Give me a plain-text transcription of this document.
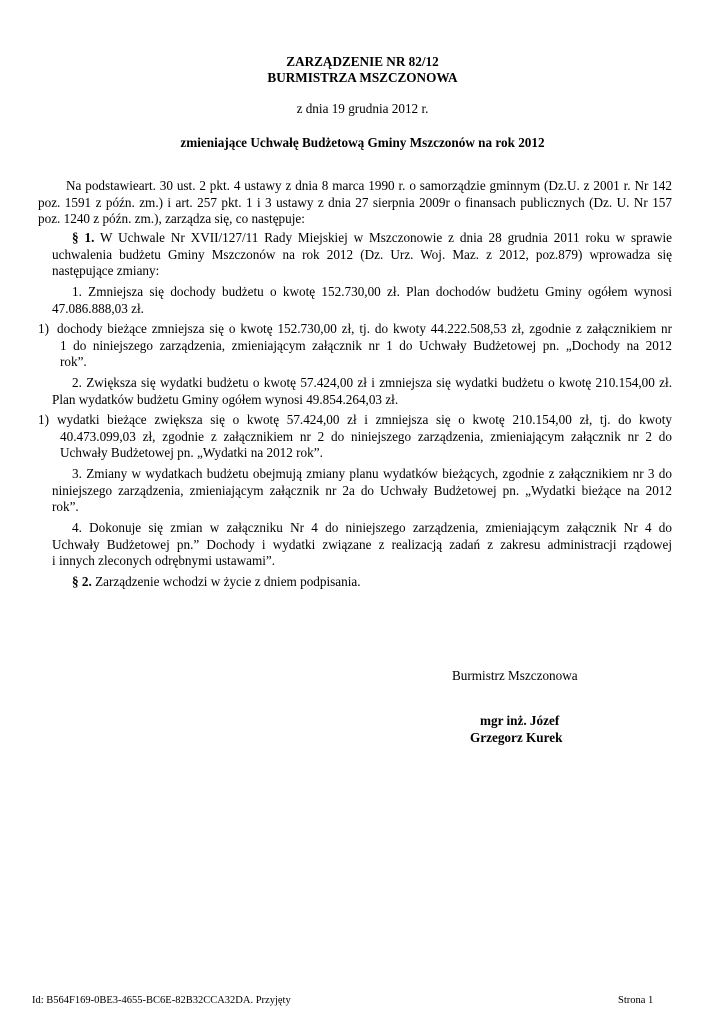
ZARZĄDZENIE NR 82/12
BURMISTRZA MSZCZONOWA
z dnia 19 grudnia 2012 r.
zmieniające Uchwałę Budżetową Gminy Mszczonów na rok 2012

Na podstawieart. 30 ust. 2 pkt. 4 ustawy z dnia 8 marca 1990 r. o samorządzie gminnym (Dz.U. z 2001 r. Nr 142

poz. 1591 z późn. zm.) i art. 257 pkt. 1 i 3 ustawy z dnia 27 sierpnia 2009r o finansach publicznych (Dz. U. Nr 157

poz. 1240 z późn. zm.), zarządza się, co następuje:

§ 1. W Uchwale Nr XVII/127/11 Rady Miejskiej w Mszczonowie z dnia 28 grudnia 2011 roku w sprawie

uchwalenia budżetu Gminy Mszczonów na rok 2012 (Dz. Urz. Woj. Maz. z 2012, poz.879) wprowadza się

następujące zmiany:

1. Zmniejsza się dochody budżetu o kwotę 152.730,00 zł. Plan dochodów budżetu Gminy ogółem wynosi

47.086.888,03 zł.

1) dochody bieżące zmniejsza się o kwotę 152.730,00 zł, tj. do kwoty 44.222.508,53 zł, zgodnie z załącznikiem nr

1 do niniejszego zarządzenia, zmieniającym załącznik nr 1 do Uchwały Budżetowej pn. „Dochody na 2012

rok”.

2. Zwiększa się wydatki budżetu o kwotę 57.424,00 zł i zmniejsza się wydatki budżetu o kwotę 210.154,00 zł.

Plan wydatków budżetu Gminy ogółem wynosi 49.854.264,03 zł.

1) wydatki bieżące zwiększa się o kwotę 57.424,00 zł i zmniejsza się o kwotę 210.154,00 zł, tj. do kwoty

40.473.099,03 zł, zgodnie z załącznikiem nr 2 do niniejszego zarządzenia, zmieniającym załącznik nr 2 do

Uchwały Budżetowej pn. „Wydatki na 2012 rok”.

3. Zmiany w wydatkach budżetu obejmują zmiany planu wydatków bieżących, zgodnie z załącznikiem nr 3 do

niniejszego zarządzenia, zmieniającym załącznik nr 2a do Uchwały Budżetowej pn. „Wydatki bieżące na 2012

rok”.

4. Dokonuje się zmian w załączniku Nr 4 do niniejszego zarządzenia, zmieniającym załącznik Nr 4 do

Uchwały Budżetowej pn.” Dochody i wydatki związane z realizacją zadań z zakresu administracji rządowej

i innych zleconych odrębnymi ustawami”.

§ 2. Zarządzenie wchodzi w życie z dniem podpisania.

Burmistrz Mszczonowa
mgr inż. Józef
Grzegorz Kurek
Id: B564F169-0BE3-4655-BC6E-82B32CCA32DA. Przyjęty	Strona 1
